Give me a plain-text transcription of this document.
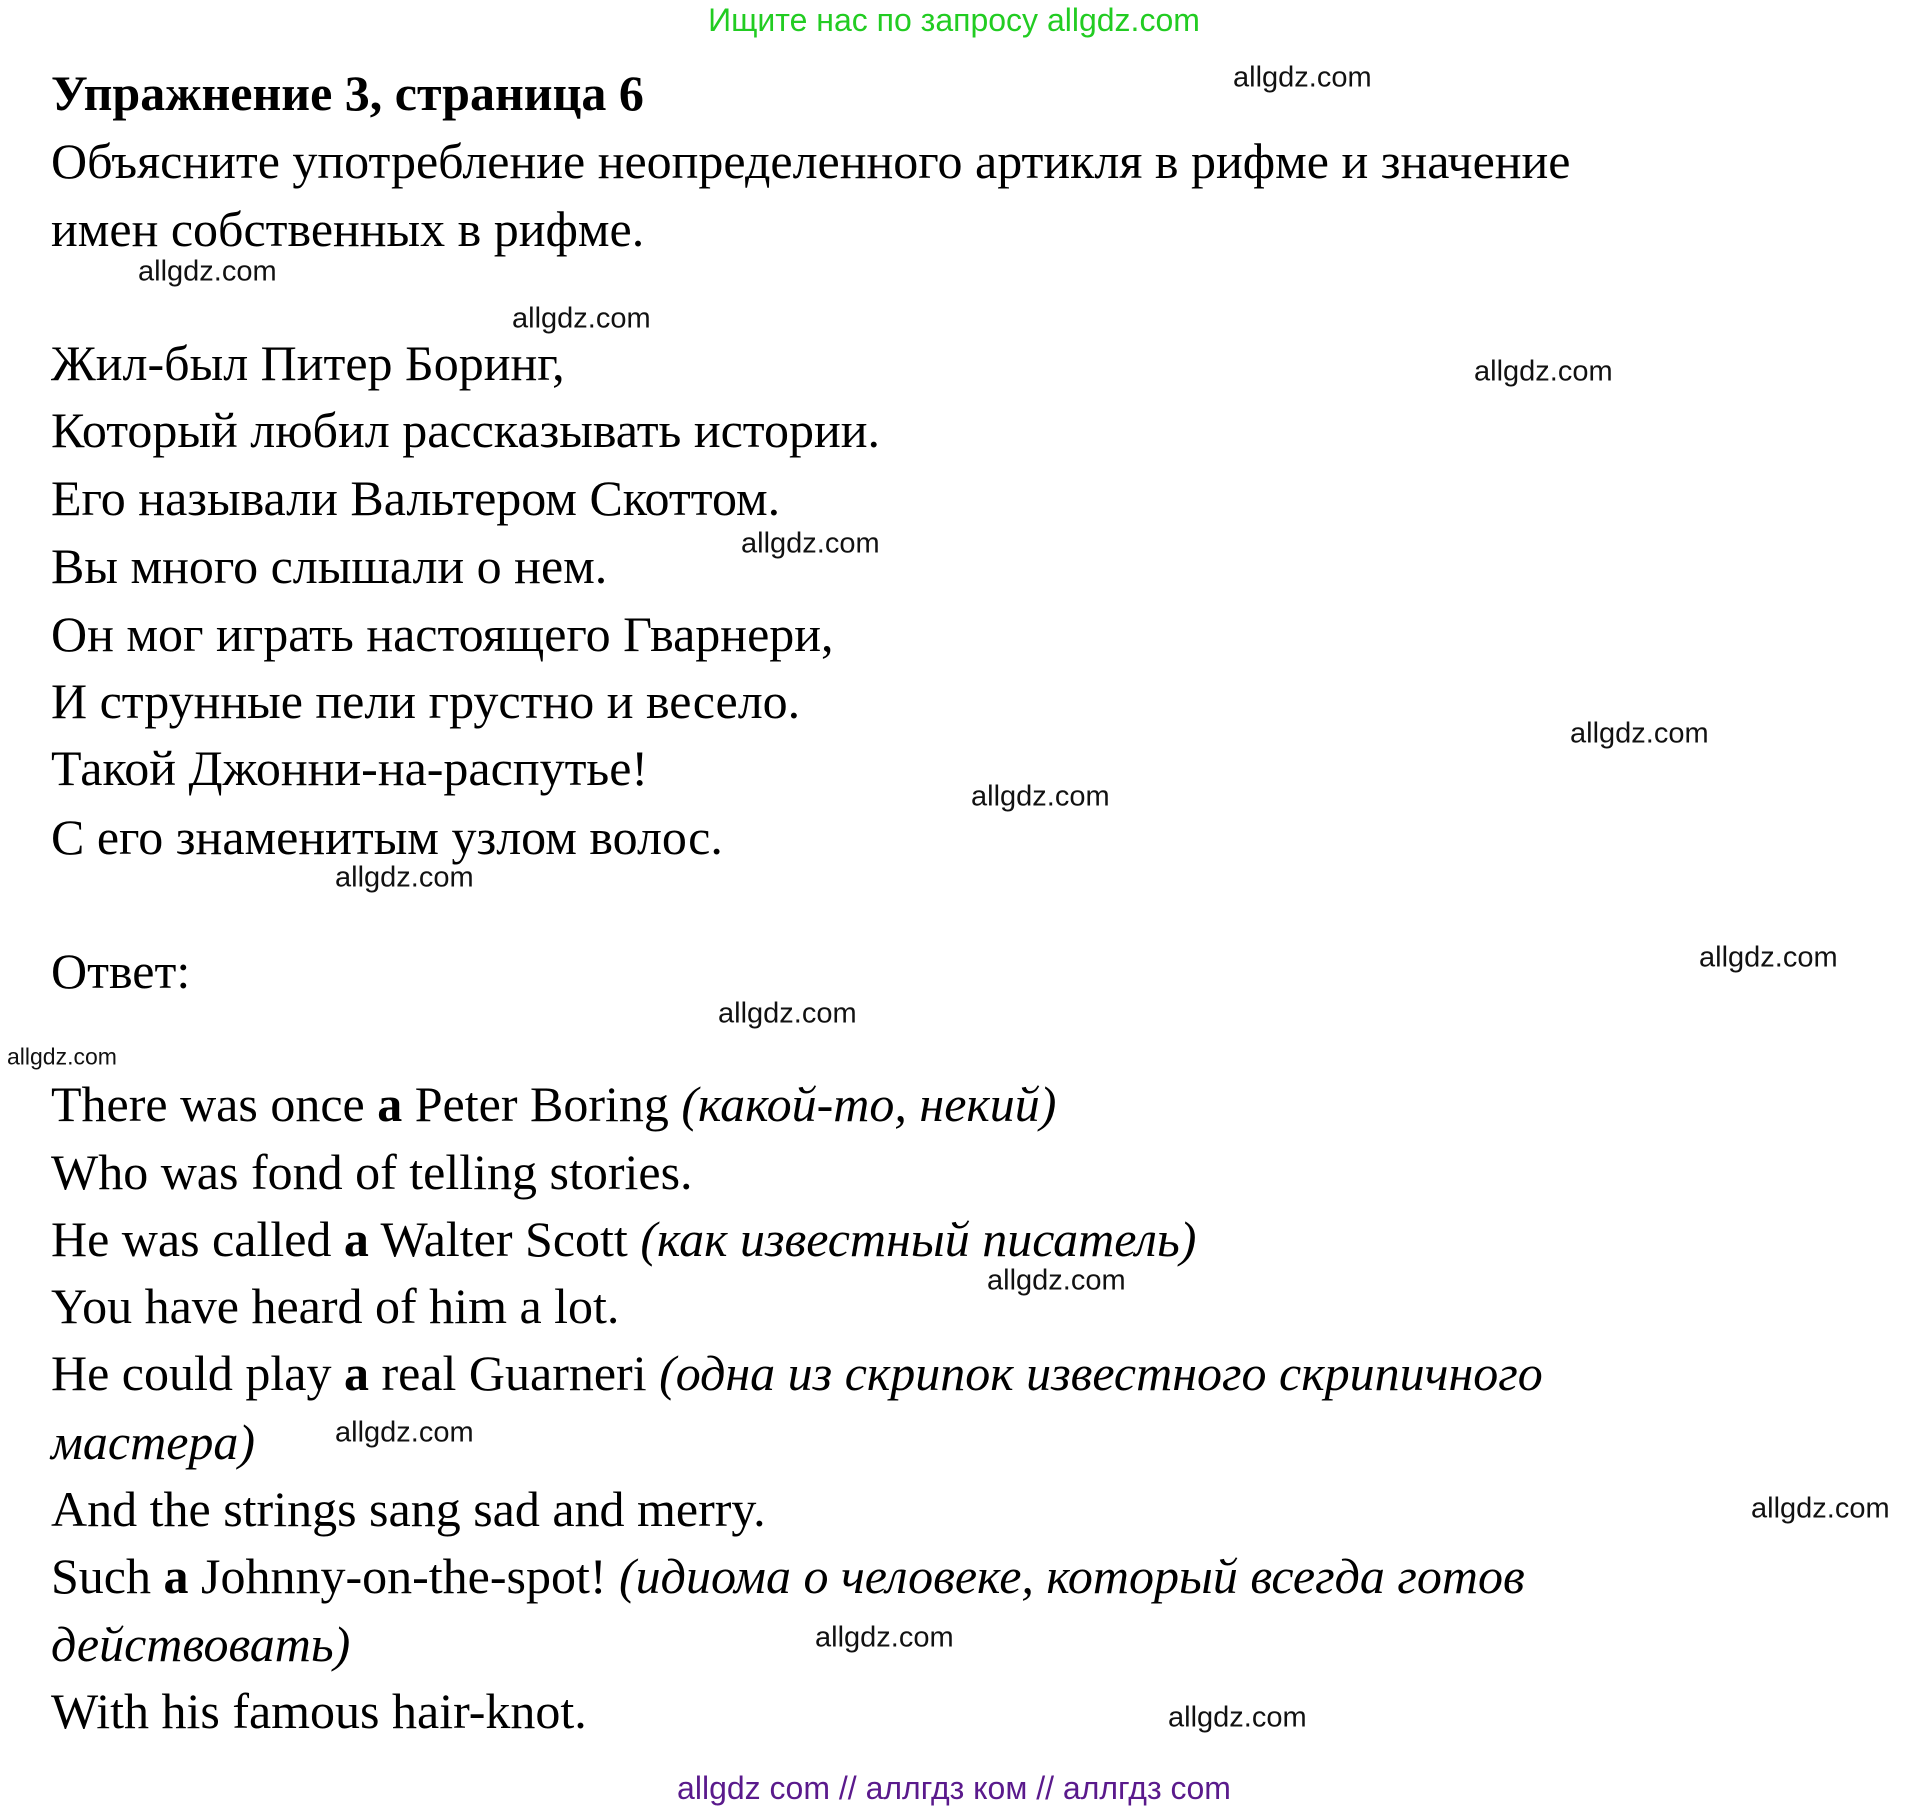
Ищите нас по запросу allgdz.com
Упражнение 3, страница 6
Объясните употребление неопределенного артикля в рифме и значение
имен собственных в рифме.
Жил-был Питер Боринг,
Который любил рассказывать истории.
Его называли Вальтером Скоттом.
Вы много слышали о нем.
Он мог играть настоящего Гварнери,
И струнные пели грустно и весело.
Такой Джонни-на-распутье!
С его знаменитым узлом волос.
Ответ:
There was once a Peter Boring (какой-то, некий)
Who was fond of telling stories.
He was called a Walter Scott (как известный писатель)
You have heard of him a lot.
He could play a real Guarneri (одна из скрипок известного скрипичного
мастера)
And the strings sang sad and merry.
Such a Johnny-on-the-spot! (идиома о человеке, который всегда готов
действовать)
With his famous hair-knot.
allgdz.com
allgdz.com
allgdz.com
allgdz.com
allgdz.com
allgdz.com
allgdz.com
allgdz.com
allgdz.com
allgdz.com
allgdz.com
allgdz.com
allgdz.com
allgdz.com
allgdz.com
allgdz.com
allgdz com // аллгдз ком // аллгдз com
